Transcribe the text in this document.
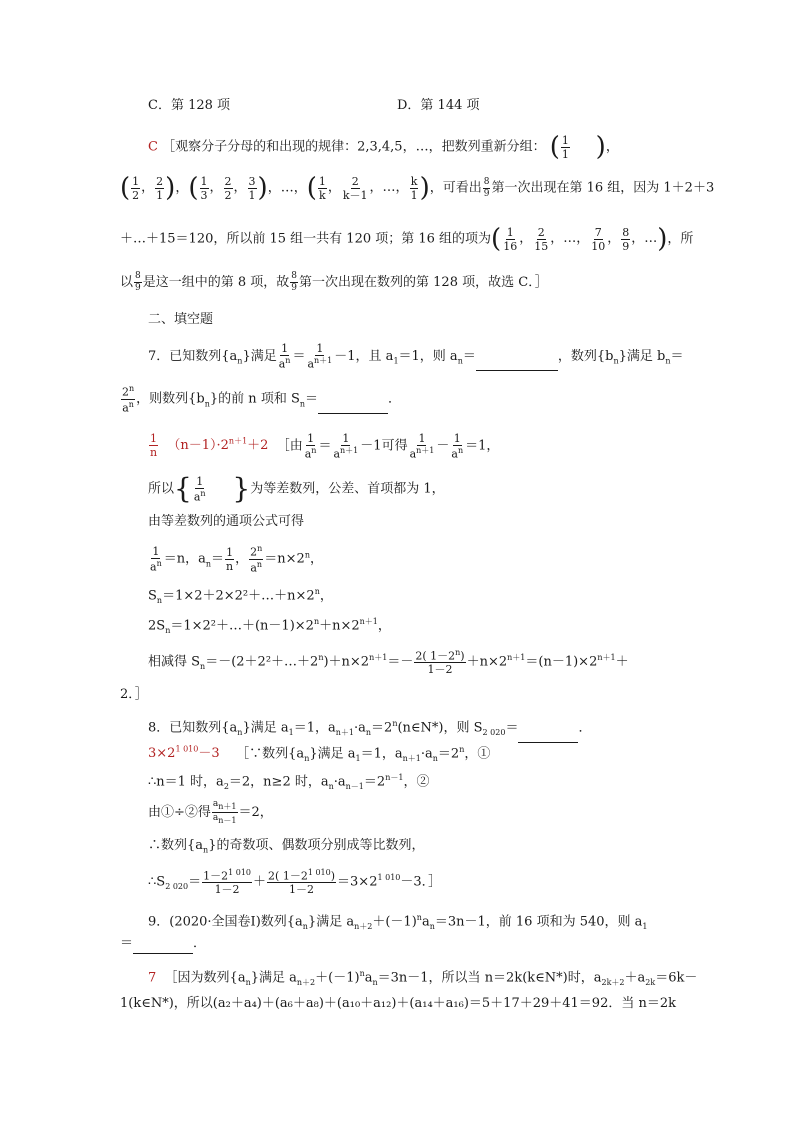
C．第 128 项	D．第 144 项
C ［观察分子分母的和出现的规律：2,3,4,5，…，把数列重新分组： ( $\frac{1}{1}$
)	，
( $\frac{1}{2}$ ， $\frac{2}{1}$
) ， ( $\frac{1}{3}$ ， $\frac{2}{2}$ ， $\frac{3}{1}$
) ，…， ( $\frac{1}{k}$ ， $\frac{2}{k-1}$ ，…， $\frac{k}{1}$
) ，可看出 $\frac{8}{9}$ 第一次出现在第 16 组，因为 1＋2＋3
＋…＋15＝120，所以前 15 组一共有 120 项；第 16 组的项为 ( $\frac{1}{16}$ ， $\frac{2}{15}$ ，…， $\frac{7}{10}$ ， $\frac{8}{9}$ ，…
) ，所
以 $\frac{8}{9}$ 是这一组中的第 8 项，故 $\frac{8}{9}$ 第一次出现在数列的第 128 项，故选 C．］
二、填空题
7．已知数列$\{a_n\}$满足 $\frac{1}{a^n} = \frac{1}{a^{n+1}} -1$，且 $a_1=1$，则 $a_n=$	，数列$\{b_n\}$满足 $b_n=$
$\frac{2^n}{a^n}$ ，则数列$\{b_n\}$的前 n 项和 $S_n=$	．
$\frac{1}{n} (n-1)\cdot 2^{n+1}+2$ ［由 $\frac{1}{a^n} = \frac{1}{a^{n+1}} -1$可得 $\frac{1}{a^{n+1}} - \frac{1}{a^n} =1$，
所以 { $\frac{1}{a^n}$
}	为等差数列，公差、首项都为 1，
由等差数列的通项公式可得
$\frac{1}{a^n} =n$，$a_n= \frac{1}{n}$ ， $\frac{2^n}{a^n} =n\times 2^n$，
$S_n=1\times 2+2\times 2^2+\dots+n\times 2^n$，
$2S_n=1\times 2^2+\dots+(n-1)\times 2^n+n\times 2^{n+1}$，
相减得 $S_n=-(2+2^2+\dots+2^n)+n\times 2^{n+1}=- \frac{2( 1-2^n)}{1-2} +n\times 2^{n+1}=(n-1)\times 2^{n+1}+$
2．］
8．已知数列$\{a_n\}$满足 $a_1=1$，$a_{n+1}\cdot a_n=2^n(n\in N*)$，则 $S_{2 020}=$	．
$3\times 2^{1 010}-3$ ［∵数列$\{a_n\}$满足 $a_1=1$，$a_{n+1}\cdot a_n=2^n$，①
∴n＝1 时，$a_2=2$，n≥2 时，$a_n\cdot a_{n-1}=2^{n-1}$，②
由①÷②得 $\frac{a_{n+1}}{a_{n-1}} =2$，
∴数列$\{a_n\}$的奇数项、偶数项分别成等比数列，
$\therefore S_{2 020}= \frac{1-2^{1 010}}{1-2} + \frac{2( 1-2^{1 010})}{1-2} =3\times 2^{1 010}-3$．］
9．(2020·全国卷Ⅰ)数列$\{a_n\}$满足 $a_{n+2}+(-1)^na_n=3n-1$，前 16 项和为 540，则 $a_1$
＝	．
7 ［因为数列$\{a_n\}$满足 $a_{n+2}+(-1)^na_n=3n-1$，所以当 n＝2k(k∈N*)时，$a_{2k+2}+a_{2k}=6k-$
1(k∈N*)，所以(a₂＋a₄)＋(a₆＋a₈)＋(a₁₀＋a₁₂)＋(a₁₄＋a₁₆)＝5＋17＋29＋41＝92．当 n＝2k
